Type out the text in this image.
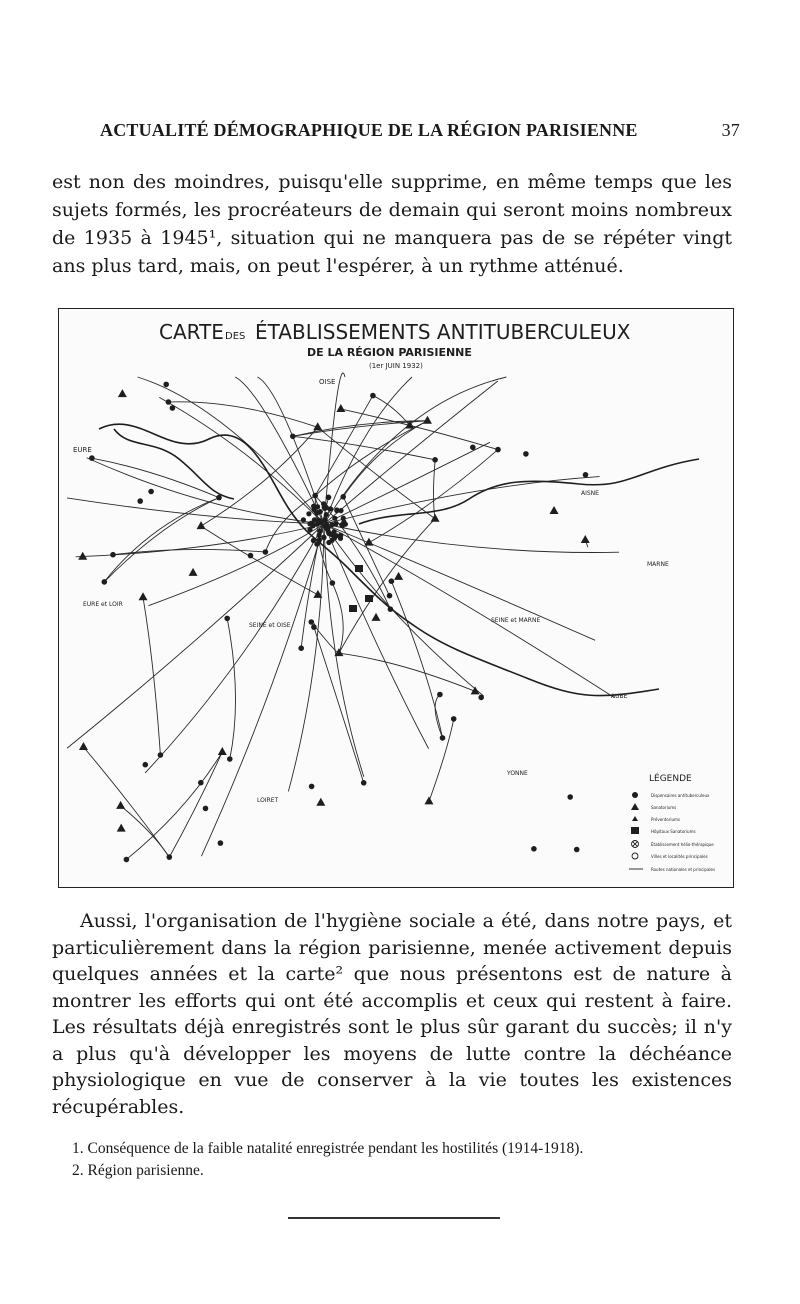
ACTUALITÉ DÉMOGRAPHIQUE DE LA RÉGION PARISIENNE	37

est non des moindres, puisqu'elle supprime, en même temps que les sujets formés, les procréateurs de demain qui seront moins nombreux de 1935 à 1945¹, situation qui ne manquera pas de se répéter vingt ans plus tard, mais, on peut l'espérer, à un rythme atténué.

CARTE DES ÉTABLISSEMENTS ANTITUBERCULEUX
DE LA RÉGION PARISIENNE
(1er JUIN 1932)
OISE
EURE
AISNE
MARNE
EURE et LOIR
SEINE et OISE
SEINE et MARNE
AUBE
YONNE
LOIRET
LÉGENDE
Dispensaires antituberculeux
Sanatoriums
Préventoriums
Hôpitaux Sanatoriums
Établissement hélio-thérapique
Villes et localités principales
Routes nationales et principales

Aussi, l'organisation de l'hygiène sociale a été, dans notre pays, et particulièrement dans la région parisienne, menée activement depuis quelques années et la carte² que nous présentons est de nature à montrer les efforts qui ont été accomplis et ceux qui restent à faire. Les résultats déjà enregistrés sont le plus sûr garant du succès; il n'y a plus qu'à développer les moyens de lutte contre la déchéance physiologique en vue de conserver à la vie toutes les existences récupérables.

1. Conséquence de la faible natalité enregistrée pendant les hostilités (1914-1918).

2. Région parisienne.
